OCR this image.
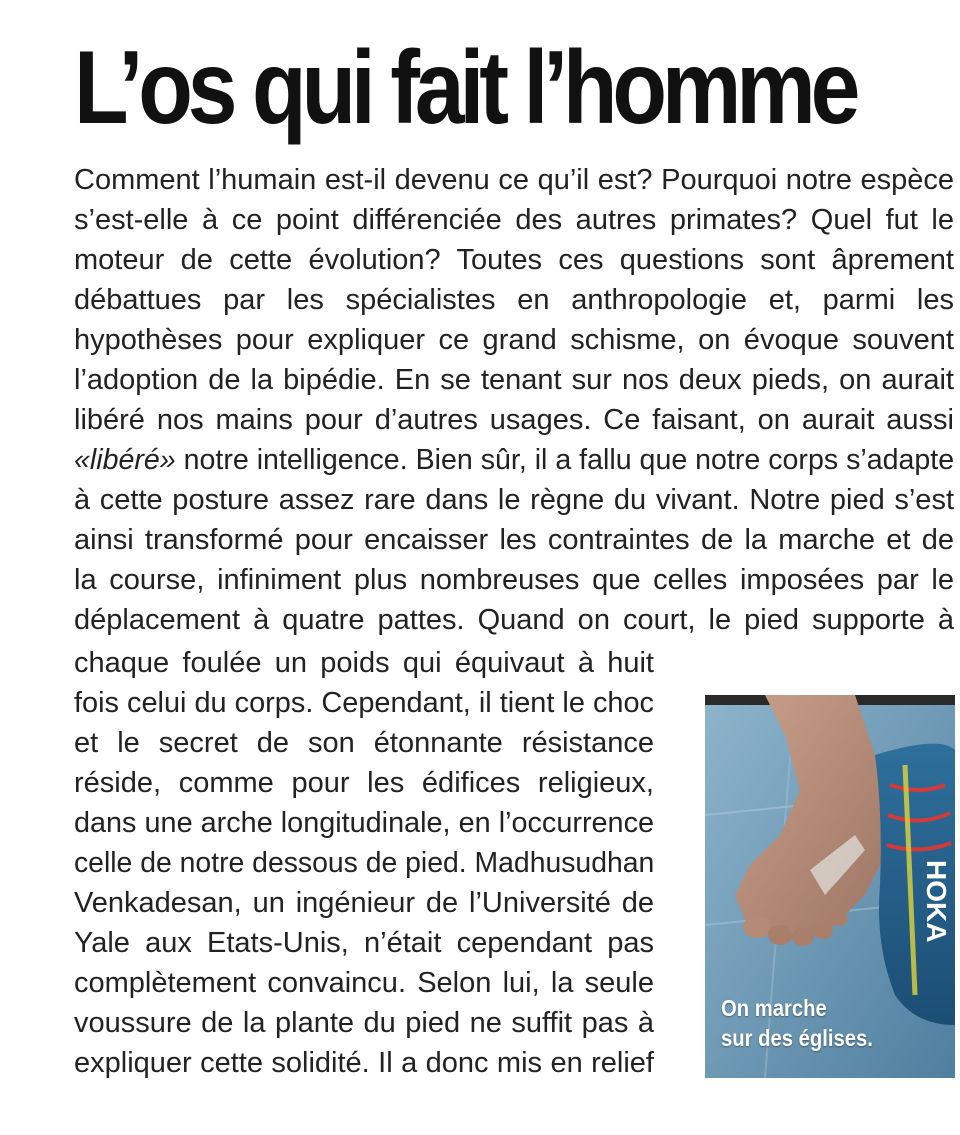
L’os qui fait l’homme
Comment l’humain est-il devenu ce qu’il est? Pourquoi notre espèce
s’est-elle à ce point différenciée des autres primates? Quel fut le
moteur de cette évolution? Toutes ces questions sont âprement
débattues par les spécialistes en anthropologie et, parmi les
hypothèses pour expliquer ce grand schisme, on évoque souvent
l’adoption de la bipédie. En se tenant sur nos deux pieds, on aurait
libéré nos mains pour d’autres usages. Ce faisant, on aurait aussi
«libéré» notre intelligence. Bien sûr, il a fallu que notre corps s’adapte
à cette posture assez rare dans le règne du vivant. Notre pied s’est
ainsi transformé pour encaisser les contraintes de la marche et de
la course, infiniment plus nombreuses que celles imposées par le
déplacement à quatre pattes. Quand on court, le pied supporte à
chaque foulée un poids qui équivaut à huit
fois celui du corps. Cependant, il tient le choc
et le secret de son étonnante résistance
réside, comme pour les édifices religieux,
dans une arche longitudinale, en l’occurrence
celle de notre dessous de pied. Madhusudhan
Venkadesan, un ingénieur de l’Université de
Yale aux Etats-Unis, n’était cependant pas
complètement convaincu. Selon lui, la seule
voussure de la plante du pied ne suffit pas à
expliquer cette solidité. Il a donc mis en relief
HOKA
On marche
sur des églises.
